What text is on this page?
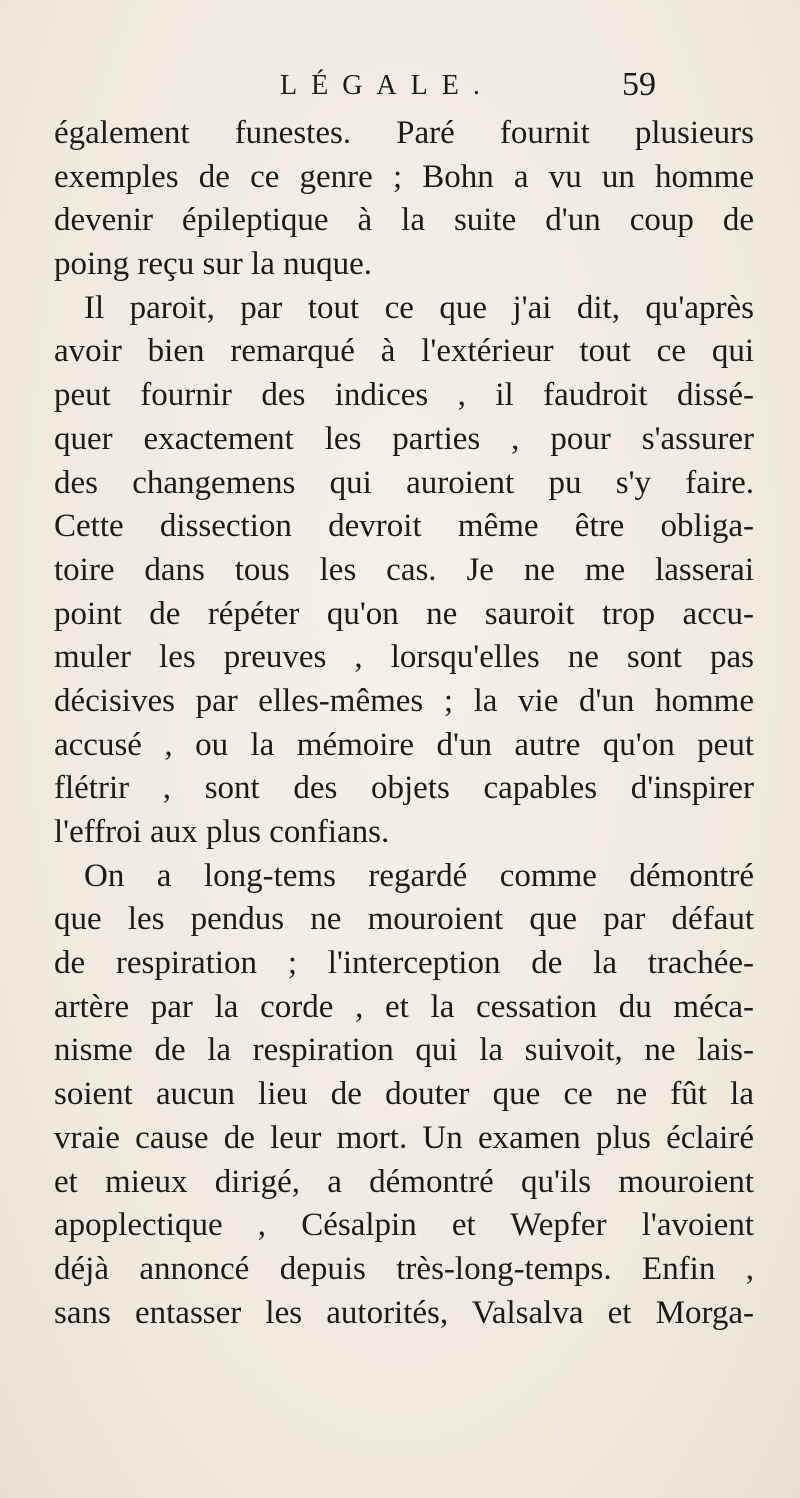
LÉGALE.	59
également funestes. Paré fournit plusieurs
exemples de ce genre ; Bohn a vu un homme
devenir épileptique à la suite d'un coup de
poing reçu sur la nuque.
Il paroit, par tout ce que j'ai dit, qu'après
avoir bien remarqué à l'extérieur tout ce qui
peut fournir des indices , il faudroit dissé-
quer exactement les parties , pour s'assurer
des changemens qui auroient pu s'y faire.
Cette dissection devroit même être obliga-
toire dans tous les cas. Je ne me lasserai
point de répéter qu'on ne sauroit trop accu-
muler les preuves , lorsqu'elles ne sont pas
décisives par elles-mêmes ; la vie d'un homme
accusé , ou la mémoire d'un autre qu'on peut
flétrir , sont des objets capables d'inspirer
l'effroi aux plus confians.
On a long-tems regardé comme démontré
que les pendus ne mouroient que par défaut
de respiration ; l'interception de la trachée-
artère par la corde , et la cessation du méca-
nisme de la respiration qui la suivoit, ne lais-
soient aucun lieu de douter que ce ne fût la
vraie cause de leur mort. Un examen plus éclairé
et mieux dirigé, a démontré qu'ils mouroient
apoplectique , Césalpin et Wepfer l'avoient
déjà annoncé depuis très-long-temps. Enfin ,
sans entasser les autorités, Valsalva et Morga-
